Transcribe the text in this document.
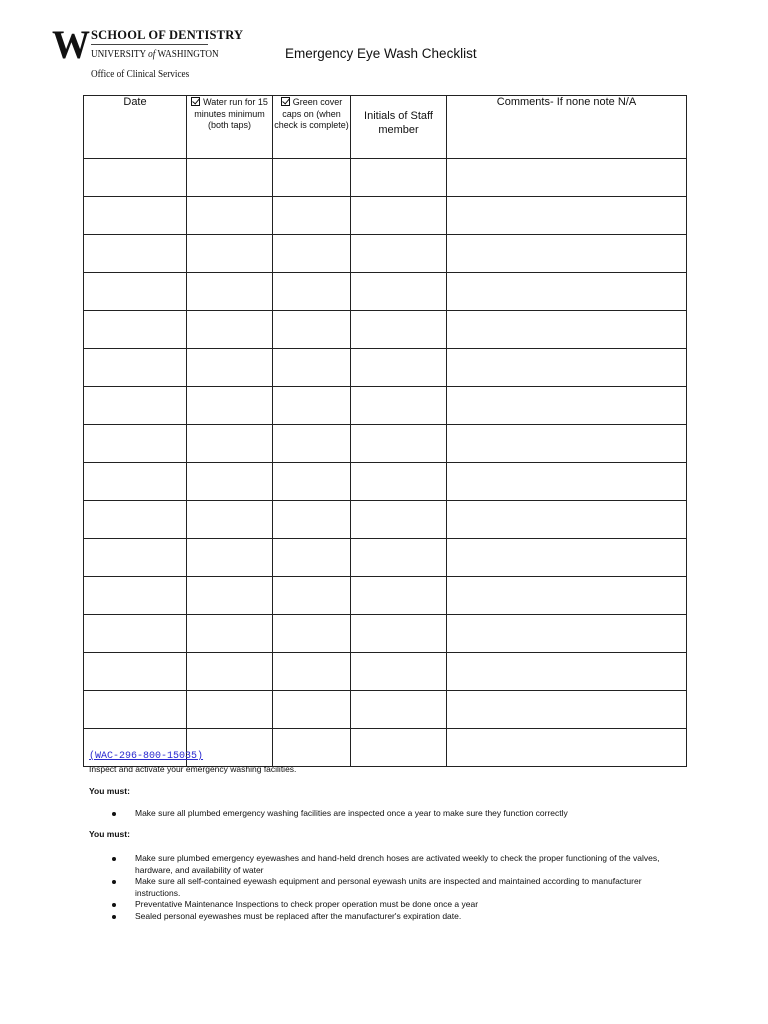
W SCHOOL OF DENTISTRY
UNIVERSITY of WASHINGTON
Office of Clinical Services
Emergency Eye Wash Checklist
Date	Water run for 15 minutes minimum (both taps)	Green cover caps on (when check is complete)	Initials of Staff member	Comments- If none note N/A

(WAC-296-800-15035)
Inspect and activate your emergency washing facilities.
You must:
Make sure all plumbed emergency washing facilities are inspected once a year to make sure they function correctly
You must:
Make sure plumbed emergency eyewashes and hand-held drench hoses are activated weekly to check the proper functioning of the valves, hardware, and availability of water
Make sure all self-contained eyewash equipment and personal eyewash units are inspected and maintained according to manufacturer instructions.
Preventative Maintenance Inspections to check proper operation must be done once a year
Sealed personal eyewashes must be replaced after the manufacturer's expiration date.
